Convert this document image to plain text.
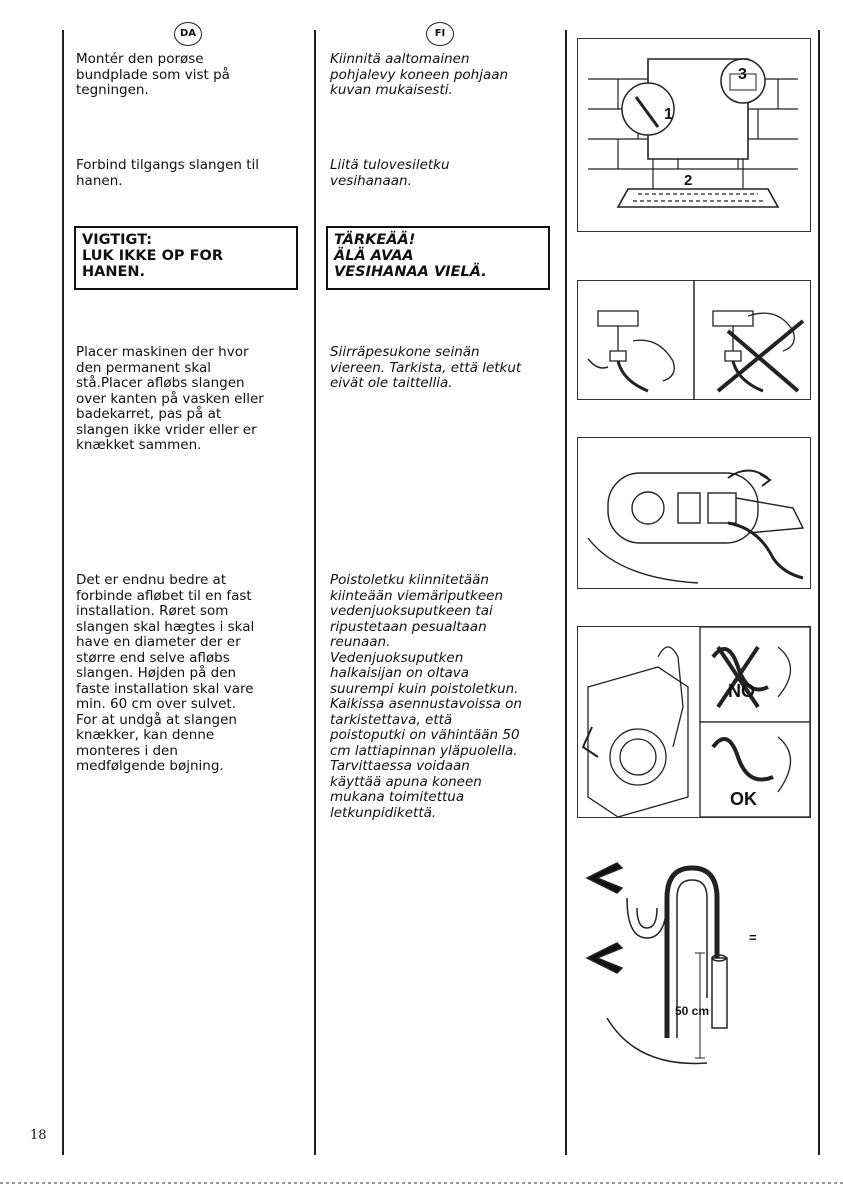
DA	FI
Montér den porøse
bundplade som vist på
tegningen.
Forbind tilgangs slangen til
hanen.
VIGTIGT:
LUK IKKE OP FOR
HANEN.
Placer maskinen der hvor
den permanent skal
stå.Placer afløbs slangen
over kanten på vasken eller
badekarret, pas på at
slangen ikke vrider eller er
knækket sammen.
Det er endnu bedre at
forbinde afløbet til en fast
installation. Røret som
slangen skal hægtes i skal
have en diameter der er
større end selve afløbs
slangen. Højden på den
faste installation skal vare
min. 60 cm over sulvet.
For at undgå at slangen
knækker, kan denne
monteres i den
medfølgende bøjning.
Kiinnitä aaltomainen
pohjalevy koneen pohjaan
kuvan mukaisesti.
Liitä tulovesiletku
vesihanaan.
TÄRKEÄÄ!
ÄLÄ AVAA
VESIHANAA VIELÄ.
Siirräpesukone seinän
viereen. Tarkista, että letkut
eivät ole taittellia.
Poistoletku kiinnitetään
kiinteään viemäriputkeen
vedenjuoksuputkeen tai
ripustetaan pesualtaan
reunaan.
Vedenjuoksuputken
halkaisijan on oltava
suurempi kuin poistoletkun.
Kaikissa asennustavoissa on
tarkistettava, että
poistoputki on vähintään 50
cm lattiapinnan yläpuolella.
Tarvittaessa voidaan
käyttää apuna koneen
mukana toimitettua
letkunpidikettä.
1
2
3
NO
OK
50 cm
=
18
